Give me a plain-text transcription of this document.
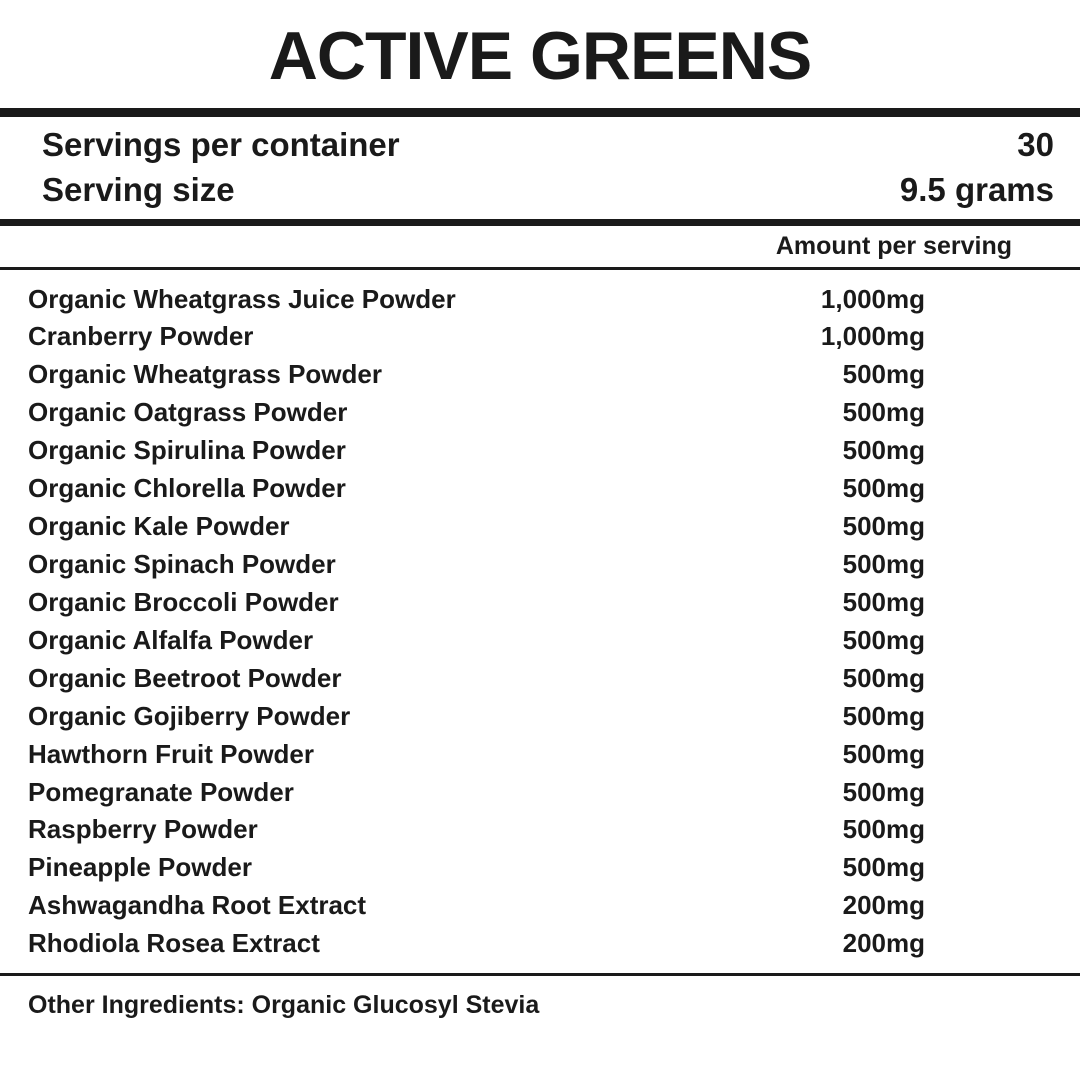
ACTIVE GREENS
Servings per container	30
Serving size	9.5 grams
Amount per serving
Organic Wheatgrass Juice Powder	1,000mg
Cranberry Powder	1,000mg
Organic Wheatgrass Powder	500mg
Organic Oatgrass Powder	500mg
Organic Spirulina Powder	500mg
Organic Chlorella Powder	500mg
Organic Kale Powder	500mg
Organic Spinach Powder	500mg
Organic Broccoli Powder	500mg
Organic Alfalfa Powder	500mg
Organic Beetroot Powder	500mg
Organic Gojiberry Powder	500mg
Hawthorn Fruit Powder	500mg
Pomegranate Powder	500mg
Raspberry Powder	500mg
Pineapple Powder	500mg
Ashwagandha Root Extract	200mg
Rhodiola Rosea Extract	200mg
Other Ingredients: Organic Glucosyl Stevia
